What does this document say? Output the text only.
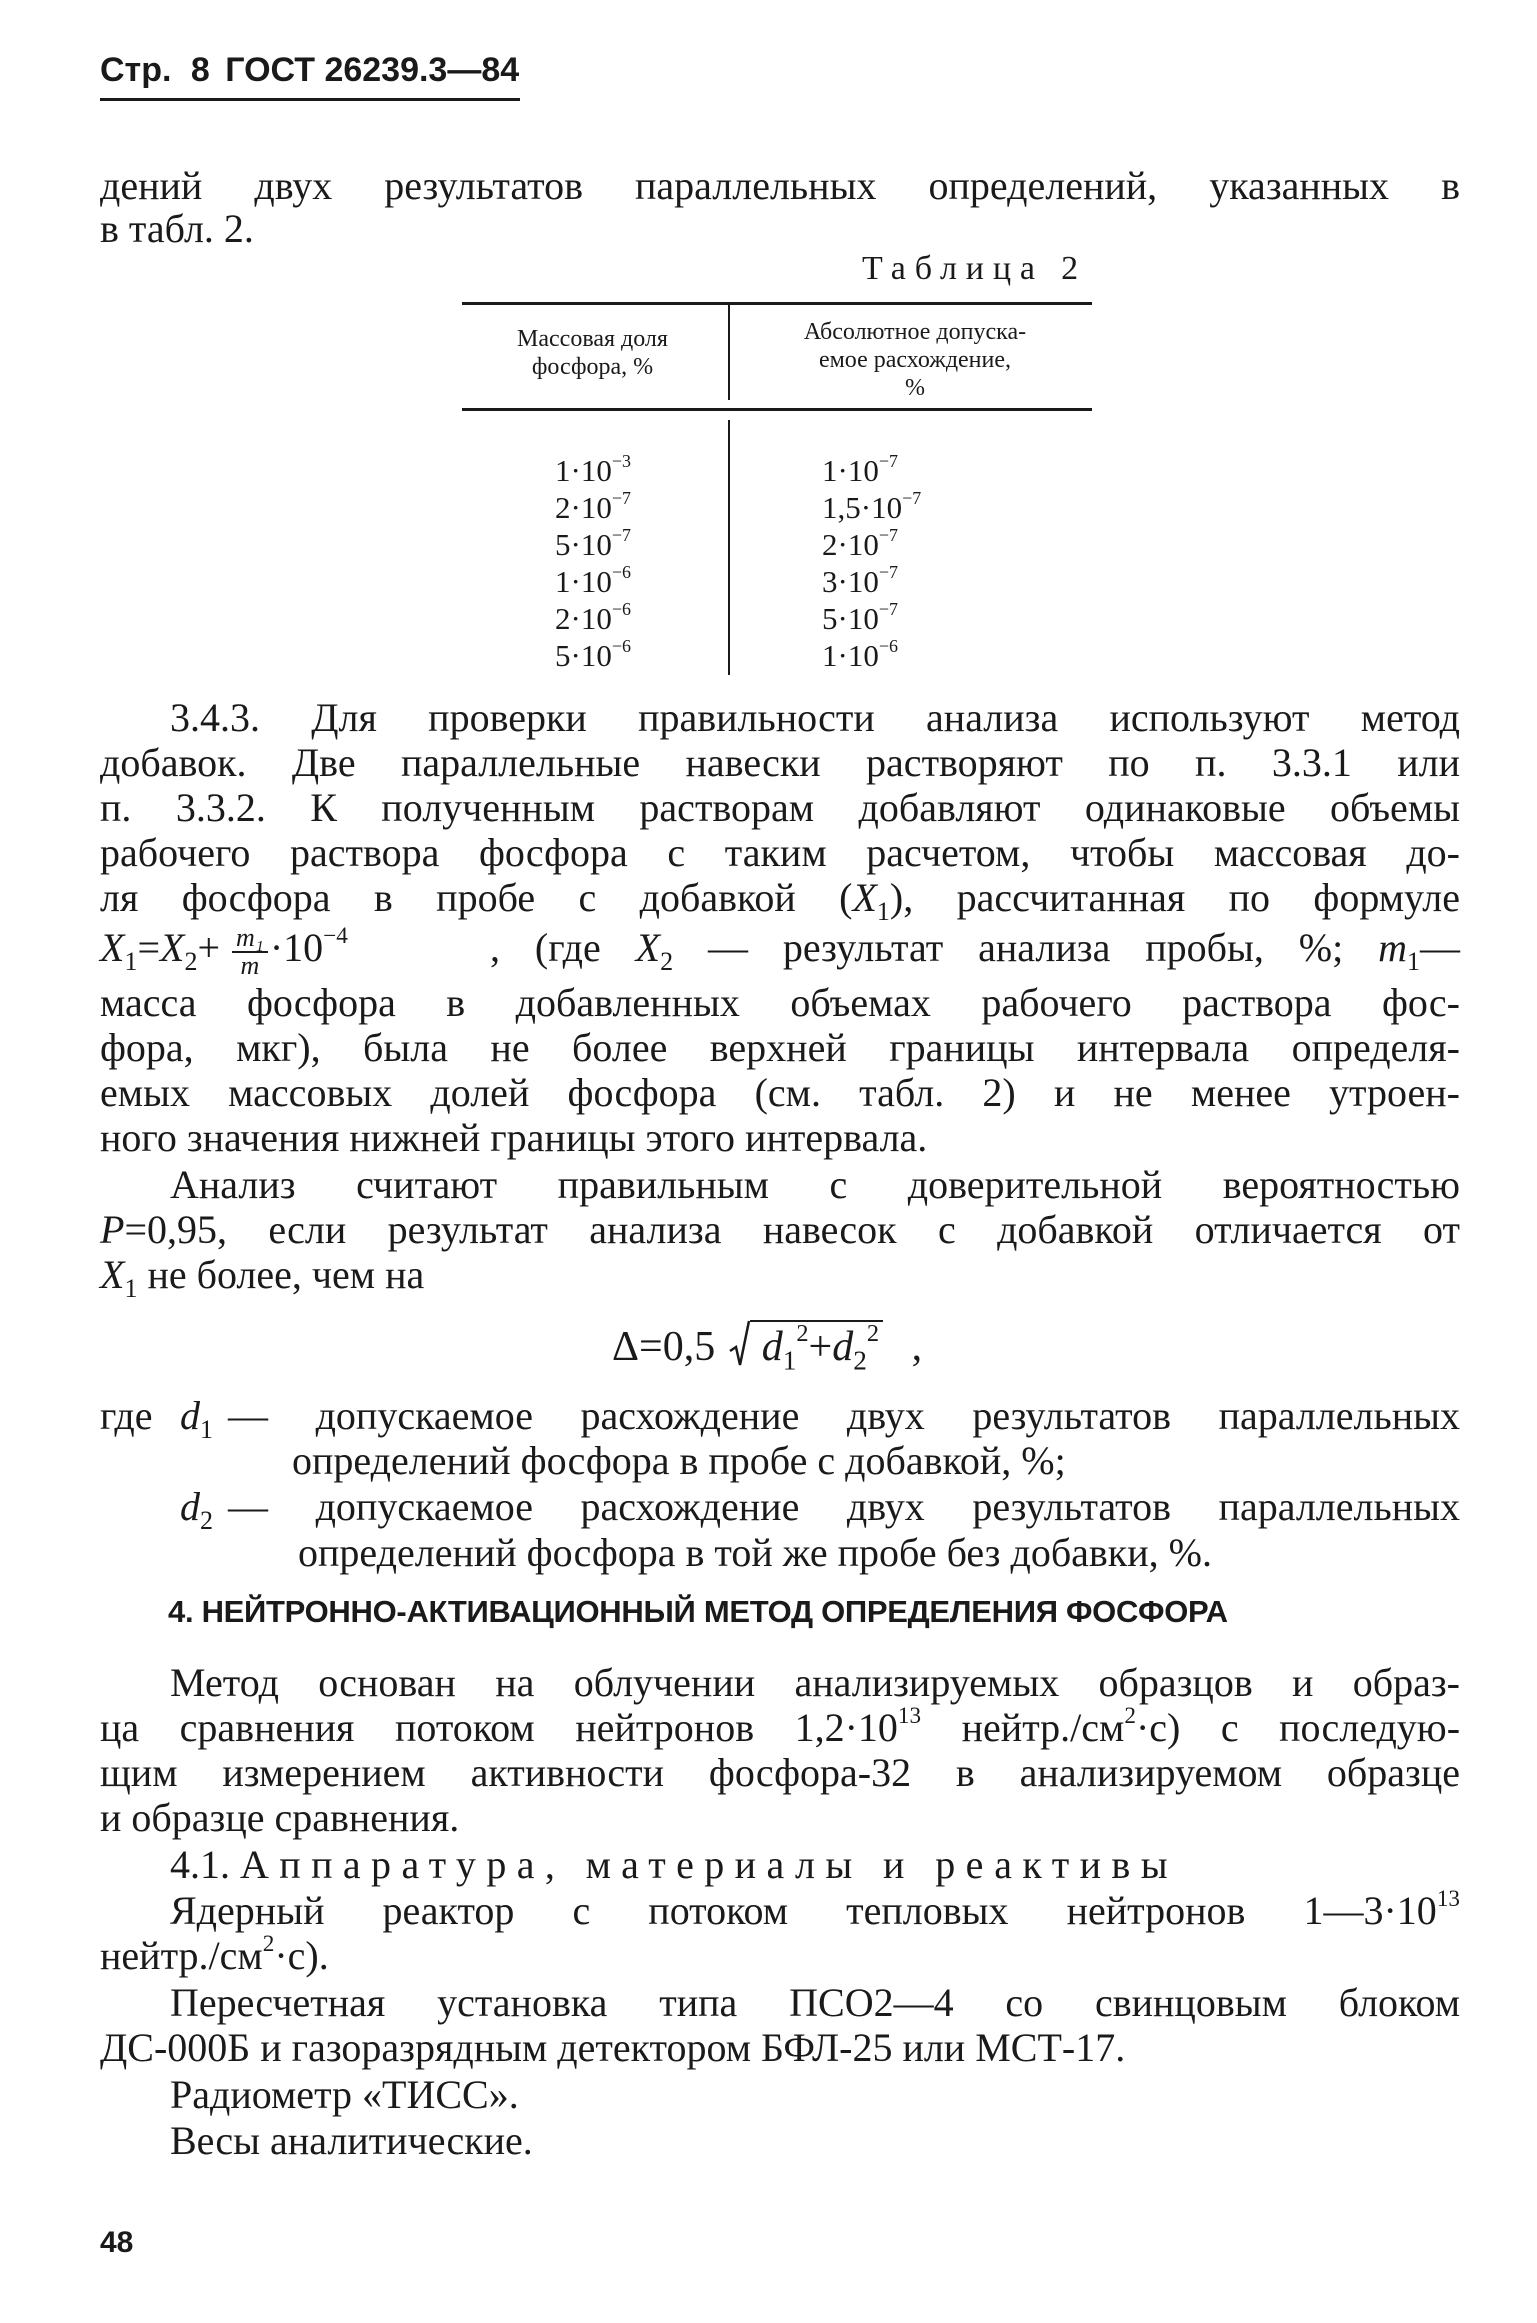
Стр. 8 ГОСТ 26239.3—84
дений двух результатов параллельных определений, указанных в
в табл. 2.
Таблица 2
Массовая доля
фосфора, %
Абсолютное допуска-
емое расхождение,
%
$1\cdot 10^{-3}$
$2\cdot 10^{-7}$
$5\cdot 10^{-7}$
$1\cdot 10^{-6}$
$2\cdot 10^{-6}$
$5\cdot 10^{-6}$
$1\cdot 10^{-7}$
$1,5\cdot 10^{-7}$
$2\cdot 10^{-7}$
$3\cdot 10^{-7}$
$5\cdot 10^{-7}$
$1\cdot 10^{-6}$
3.4.3. Для проверки правильности анализа используют метод
добавок. Две параллельные навески растворяют по п. 3.3.1 или
п. 3.3.2. К полученным растворам добавляют одинаковые объемы
рабочего раствора фосфора с таким расчетом, чтобы массовая до-
ля фосфора в пробе с добавкой $(X_1)$, рассчитанная по формуле
$X_1=X_2+ \frac{\text{m₁}}{m} \cdot 10^{-4}$	, (где $X_2$ — результат анализа пробы, %; $m_1—$
масса фосфора в добавленных объемах рабочего раствора фос-
фора, мкг), была не более верхней границы интервала определя-
емых массовых долей фосфора (см. табл. 2) и не менее утроен-
ного значения нижней границы этого интервала.
Анализ считают правильным с доверительной вероятностью
P=0,95, если результат анализа навесок с добавкой отличается от
$X_1$ не более, чем на
Δ=0,5 $d_1^2+d_2^2$ ,
где $d_1$ — допускаемое расхождение двух результатов параллельных
определений фосфора в пробе с добавкой, %;
$d_2$ — допускаемое расхождение двух результатов параллельных
определений фосфора в той же пробе без добавки, %.
4. НЕЙТРОННО-АКТИВАЦИОННЫЙ МЕТОД ОПРЕДЕЛЕНИЯ ФОСФОРА
Метод основан на облучении анализируемых образцов и образ-
ца сравнения потоком нейтронов $1,2\cdot 10^{13}$ $нейтр./см^2\cdot с$) с последую-
щим измерением активности фосфора-32 в анализируемом образце
и образце сравнения.
4.1. Аппаратура, материалы и реактивы
Ядерный реактор с потоком тепловых нейтронов $1—3\cdot 10^{13}$
$нейтр./см^2\cdot с$).
Пересчетная установка типа ПСО2—4 со свинцовым блоком
ДС-000Б и газоразрядным детектором БФЛ-25 или МСТ-17.
Радиометр «ТИСС».
Весы аналитические.
48
